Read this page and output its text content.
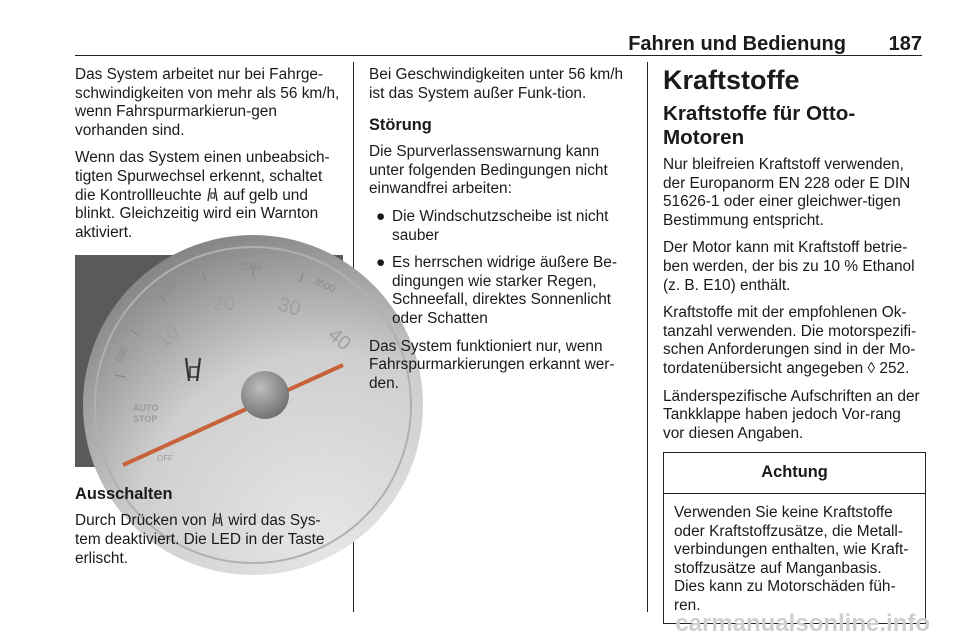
Fahren und Bedienung 187

Das System arbeitet nur bei Fahrge-schwindigkeiten von mehr als 56 km/h, wenn Fahrspurmarkierun-gen vorhanden sind.

Wenn das System einen unbeabsich-tigten Spurwechsel erkennt, schaltet die Kontrollleuchte auf gelb und blinkt. Gleichzeitig wird ein Warnton aktiviert.

500
1500
2500
3500
10
20 30
40
AUTO STOP
OFF
Ausschalten

Durch Drücken von wird das Sys-tem deaktiviert. Die LED in der Taste erlischt.

Bei Geschwindigkeiten unter 56 km/h ist das System außer Funk-tion.

Störung

Die Spurverlassenswarnung kann unter folgenden Bedingungen nicht einwandfrei arbeiten:

● Die Windschutzscheibe ist nicht sauber
● Es herrschen widrige äußere Be-dingungen wie starker Regen, Schneefall, direktes Sonnenlicht oder Schatten

Das System funktioniert nur, wenn Fahrspurmarkierungen erkannt wer-den.

Kraftstoffe
Kraftstoffe für Otto-Motoren

Nur bleifreien Kraftstoff verwenden, der Europanorm EN 228 oder E DIN 51626-1 oder einer gleichwer-tigen Bestimmung entspricht.

Der Motor kann mit Kraftstoff betrie-ben werden, der bis zu 10 % Ethanol (z. B. E10) enthält.

Kraftstoffe mit der empfohlenen Ok-tanzahl verwenden. Die motorspezifi-schen Anforderungen sind in der Mo-tordatenübersicht angegeben ◊ 252.

Länderspezifische Aufschriften an der Tankklappe haben jedoch Vor-rang vor diesen Angaben.

Achtung
Verwenden Sie keine Kraftstoffe oder Kraftstoffzusätze, die Metall-verbindungen enthalten, wie Kraft-stoffzusätze auf Manganbasis. Dies kann zu Motorschäden füh-ren.
carmanualsonline.info
